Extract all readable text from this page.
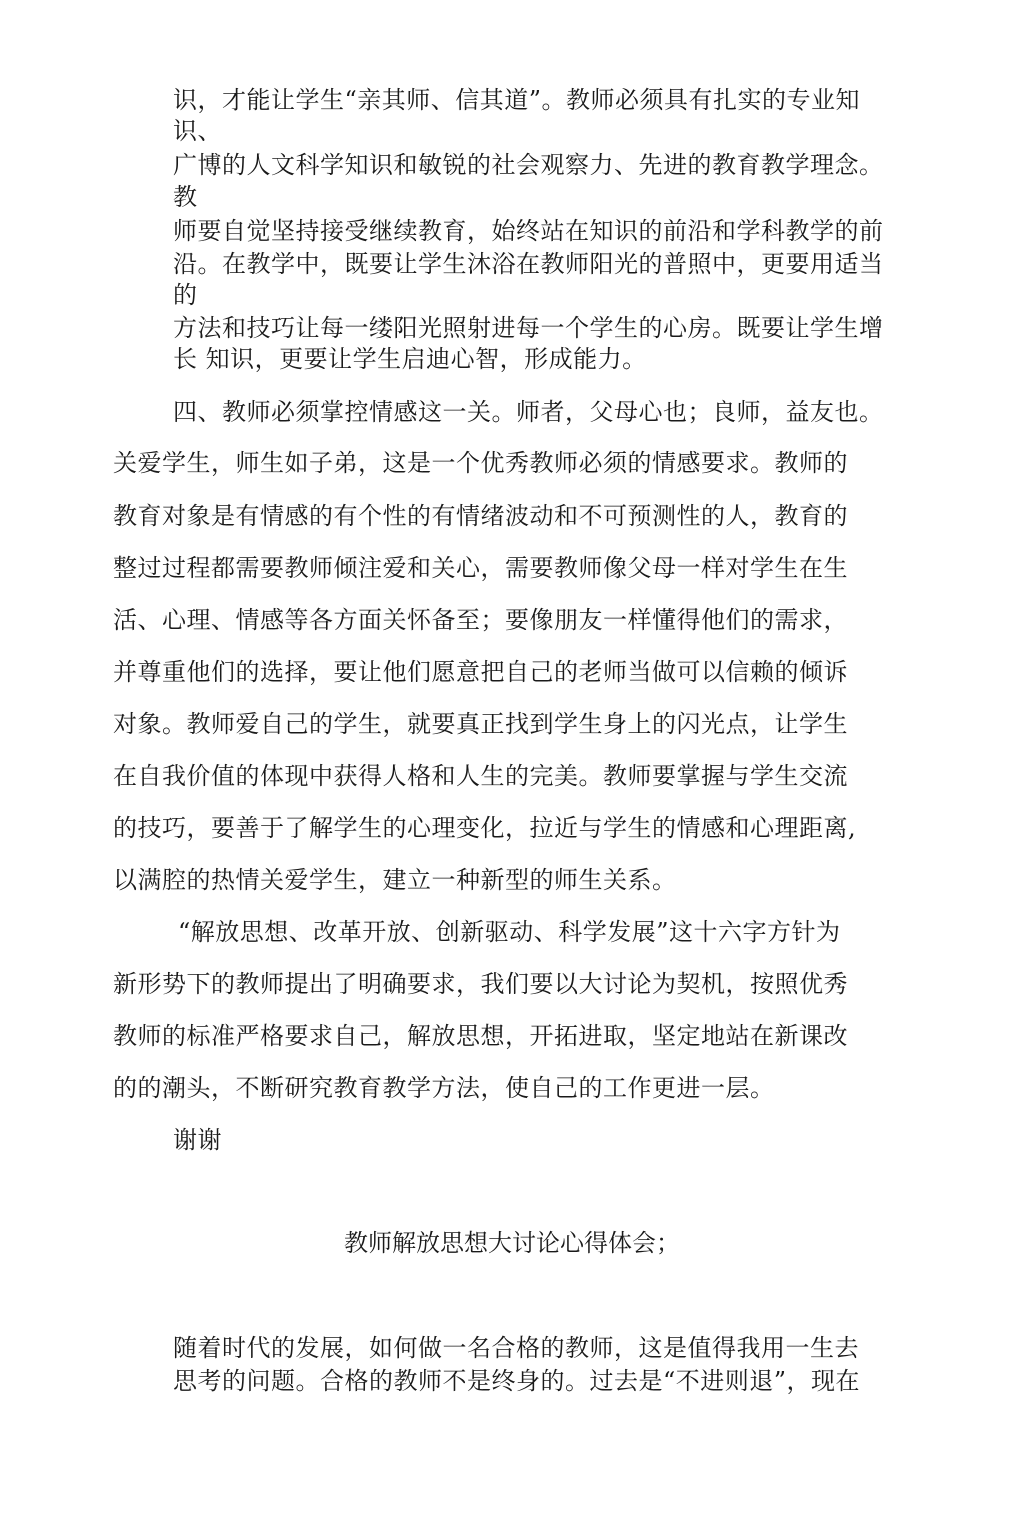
识，才能让学生“亲其师、信其道”。教师必须具有扎实的专业知
识、
广博的人文科学知识和敏锐的社会观察力、先进的教育教学理念。
教
师要自觉坚持接受继续教育，始终站在知识的前沿和学科教学的前
沿。在教学中，既要让学生沐浴在教师阳光的普照中，更要用适当
的
方法和技巧让每一缕阳光照射进每一个学生的心房。既要让学生增
长 知识，更要让学生启迪心智，形成能力。
四、教师必须掌控情感这一关。师者，父母心也；良师，益友也。
关爱学生，师生如子弟，这是一个优秀教师必须的情感要求。教师的
教育对象是有情感的有个性的有情绪波动和不可预测性的人，教育的
整过过程都需要教师倾注爱和关心，需要教师像父母一样对学生在生
活、心理、情感等各方面关怀备至；要像朋友一样懂得他们的需求，
并尊重他们的选择，要让他们愿意把自己的老师当做可以信赖的倾诉
对象。教师爱自己的学生，就要真正找到学生身上的闪光点，让学生
在自我价值的体现中获得人格和人生的完美。教师要掌握与学生交流
的技巧，要善于了解学生的心理变化，拉近与学生的情感和心理距离,
以满腔的热情关爱学生，建立一种新型的师生关系。
“解放思想、改革开放、创新驱动、科学发展”这十六字方针为
新形势下的教师提出了明确要求，我们要以大讨论为契机，按照优秀
教师的标准严格要求自己，解放思想，开拓进取，坚定地站在新课改
的的潮头，不断研究教育教学方法，使自己的工作更进一层。
谢谢
教师解放思想大讨论心得体会；
随着时代的发展，如何做一名合格的教师，这是值得我用一生去
思考的问题。合格的教师不是终身的。过去是“不进则退”，现在
